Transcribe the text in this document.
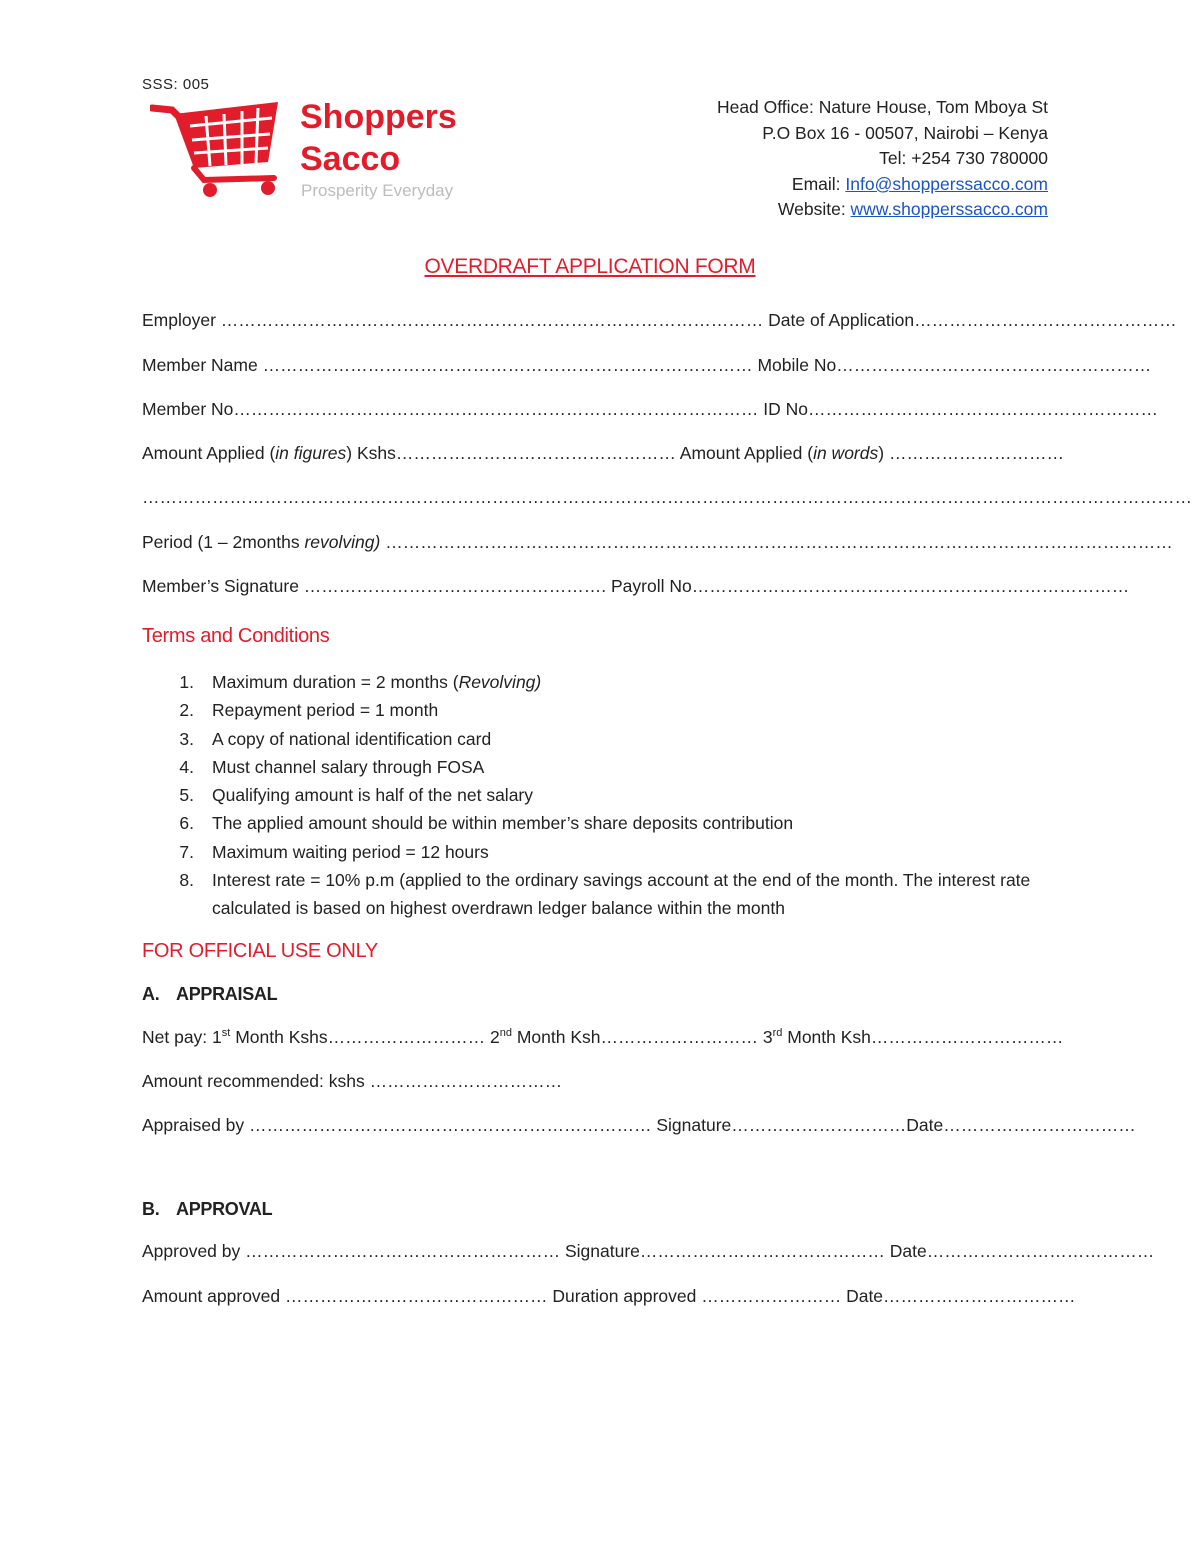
SSS: 005
Shoppers
Sacco
Prosperity Everyday
Head Office: Nature House, Tom Mboya St
P.O Box 16 - 00507, Nairobi – Kenya
Tel: +254 730 780000
Email: Info@shopperssacco.com
Website: www.shopperssacco.com
OVERDRAFT APPLICATION FORM
Employer ………………………………………………………………………………… Date of Application………………………………………
Member Name ………………………………………………………………………… Mobile No………………………………………………
Member No……………………………………………………………………………… ID No……………………………………………………
Amount Applied (in figures) Kshs………………………………………… Amount Applied (in words) …………………………
………………………………………………………………………………………………………………………………………………………………
Period (1 – 2months revolving) ………………………………………………………………………………………………………………………
Member’s Signature ……………………………………………. Payroll No…………………………………………………………………
Terms and Conditions
1.	Maximum duration = 2 months (Revolving)
2.	Repayment period = 1 month
3.	A copy of national identification card
4.	Must channel salary through FOSA
5.	Qualifying amount is half of the net salary
6.	The applied amount should be within member’s share deposits contribution
7.	Maximum waiting period = 12 hours
8.	Interest rate = 10% p.m (applied to the ordinary savings account at the end of the month. The interest rate calculated is based on highest overdrawn ledger balance within the month
FOR OFFICIAL USE ONLY
A. APPRAISAL
Net pay: 1st Month Kshs……………………… 2nd Month Ksh……………………… 3rd Month Ksh……………………………
Amount recommended: kshs ……………………………
Appraised by …………………………………………………………… Signature…………………………Date……………………………
B. APPROVAL
Approved by ……………………………………………… Signature…………………………………… Date…………………………………
Amount approved ……………………………………… Duration approved …………………… Date……………………………
